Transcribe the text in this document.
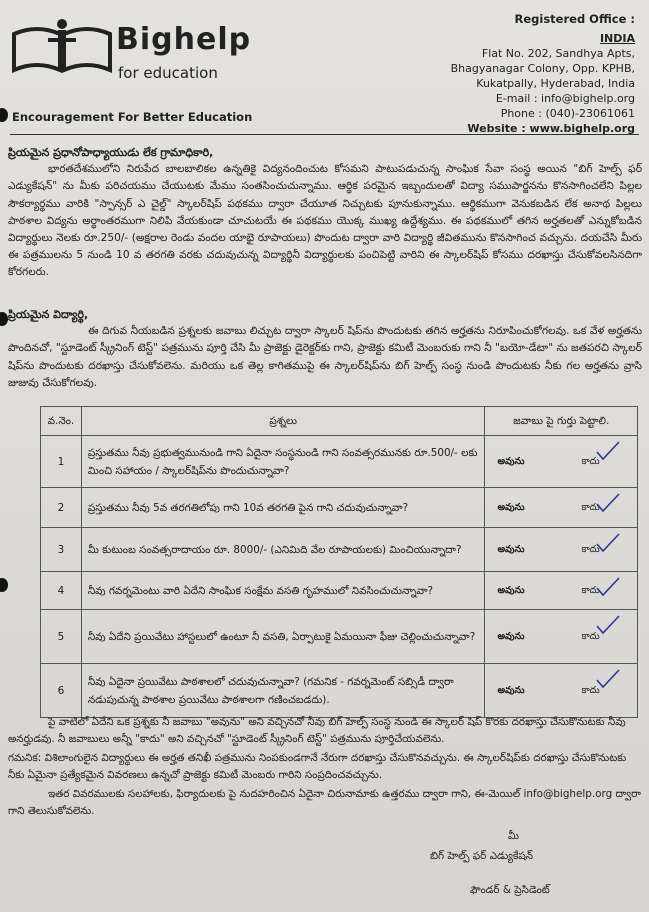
Bighelp
for education
Encouragement For Better Education
Registered Office :
INDIA
Flat No. 202, Sandhya Apts,
Bhagyanagar Colony, Opp. KPHB,
Kukatpally, Hyderabad, India
E-mail : info@bighelp.org
Phone : (040)-23061061
Website : www.bighelp.org
ప్రియమైన ప్రధానోపాధ్యాయుడు లేక గ్రామాధికారి,
భారతదేశములోని నిరుపేద బాలబాలికల ఉన్నతికై విద్యనందించుట కోసమని పాటుపడుచున్న సాంఘిక సేవా సంస్థ అయిన "బిగ్ హెల్ప్ ఫర్ ఎడ్యుకేషన్" ను మీకు పరిచయము చేయుటకు మేము సంతసించుచున్నాము. ఆర్థిక పరమైన ఇబ్బందులతో విద్యా సముపార్జనను కొనసాగించలేని పిల్లల సౌకర్యార్థము వారికి "స్పాన్సర్ ఎ చైల్డ్" స్కాలర్‌షిప్ పథకము ద్వారా చేయూత నిచ్చుటకు పూనుకున్నాము. ఆర్థికముగా వెనుకబడిన లేక అనాథ పిల్లలు పాఠశాల విద్యను అర్థాంతరముగా నిలిపి వేయకుండా చూచుటయే ఈ పథకము యొక్క ముఖ్య ఉద్దేశ్యము. ఈ పథకములో తగిన అర్హతలతో ఎన్నుకోబడిన విద్యార్థులు నెలకు రూ.250/- (అక్షరాల రెండు వందల యాభై రూపాయలు) పొందుట ద్వారా వారి విద్యార్థి జీవితమును కొనసాగించ వచ్చును. దయచేసి మీరు ఈ పత్రములను 5 నుండి 10 వ తరగతి వరకు చదువుచున్న విద్యార్థినీ విద్యార్థులకు పంచిపెట్టి వారిని ఈ స్కాలర్‌షిప్ కోసము దరఖాస్తు చేసుకోవలసినదిగా కోరగలరు.
ప్రియమైన విద్యార్థి,
ఈ దిగువ నీయబడిన ప్రశ్నలకు జవాబు లిచ్చుట ద్వారా స్కాలర్ షిప్‌ను పొందుటకు తగిన అర్హతను నిరూపించుకోగలవు. ఒక వేళ అర్హతను పొందినచో, "స్టూడెంట్ స్క్రీనింగ్ టెస్ట్" పత్రమును పూర్తి చేసి మీ ప్రాజెక్టు డైరెక్టర్‌కు గాని, ప్రాజెక్టు కమిటీ మెంబరుకు గాని నీ "బయో-డేటా" ను జతపరచి స్కాలర్ షిప్‌ను పొందుటకు దరఖాస్తు చేసుకోవలెను. మరియు ఒక తెల్ల కాగితముపై ఈ స్కాలర్‌షిప్‌ను బిగ్ హెల్ప్ సంస్థ నుండి పొందుటకు నీకు గల అర్హతను వ్రాసి జుజువు చేసుకోగలవు.
వ.నెం.	ప్రశ్నలు	జవాబు పై గుర్తు పెట్టాలి.
1	ప్రస్తుతము నీవు ప్రభుత్వమునుండి గాని ఏదైనా సంస్థనుండి గాని సంవత్సరమునకు రూ.500/- లకు మించి సహాయం / స్కాలర్‌షిప్‌ను పొందుచున్నావా?	అవును కాదు

2	ప్రస్తుతము నీవు 5వ తరగతిలోపు గాని 10వ తరగతి పైన గాని చదువుచున్నావా?	అవును కాదు

3	మీ కుటుంబ సంవత్సరాదాయం రూ. 8000/- (ఎనిమిది వేల రూపాయలకు) మించియున్నాదా?	అవును కాదు

4	నీవు గవర్నమెంటు వారి ఏదేని సాంఘిక సంక్షేమ వసతి గృహములో నివసించుచున్నావా?	అవును కాదు

5	నీవు ఏదేని ప్రయివేటు హాస్టలులో ఉంటూ నీ వసతి, ఏర్పాటుకై ఏమయినా ఫీజు చెల్లించుచున్నావా?	అవును కాదు

6	నీవు ఏదైనా ప్రయివేటు పాఠశాలలో చదువుచున్నావా? (గమనిక - గవర్నమెంట్ సబ్సిడీ ద్వారా నడుపుచున్న పాఠశాల ప్రయివేటు పాఠశాలగా గణించబడదు).	అవును కాదు
పై వాటిలో ఏదేని ఒక ప్రశ్నకు నీ జవాబు "అవును" అని వచ్చినచో నీవు బిగ్ హెల్ప్ సంస్థ నుండి ఈ స్కాలర్ షిప్ కొరకు దరఖాస్తు చేసుకొనుటకు నీవు అనర్హుడవు. నీ జవాబులు అన్నీ "కాదు" అని వచ్చినచో "స్టూడెంట్ స్క్రీనింగ్ టెస్ట్" పత్రమును పూర్తిచేయవలెను.
గమనిక: విశిలాంగులైన విద్యార్థులు ఈ అర్హత తనిఖీ పత్రమును నింపకుండగానే నేరుగా దరఖాస్తు చేసుకొనవచ్చును. ఈ స్కాలర్‌షిప్‌కు దరఖాస్తు చేసుకొనుటకు నీకు ఏమైనా ప్రత్యేకమైన వివరణలు ఉన్నచో ప్రాజెక్టు కమిటీ మెంబరు గారిని సంప్రదించవచ్చును.
ఇతర వివరములకు సలహాలకు, ఫిర్యాదులకు పై నుదహరించిన ఏదైనా చిరునామాకు ఉత్తరము ద్వారా గాని, ఈ-మెయిల్ info@bighelp.org ద్వారా గాని తెలుసుకోవలెను.
మీ
బిగ్ హెల్ప్ ఫర్ ఎడ్యుకేషన్
ఫౌండర్ & ప్రెసిడెంట్
